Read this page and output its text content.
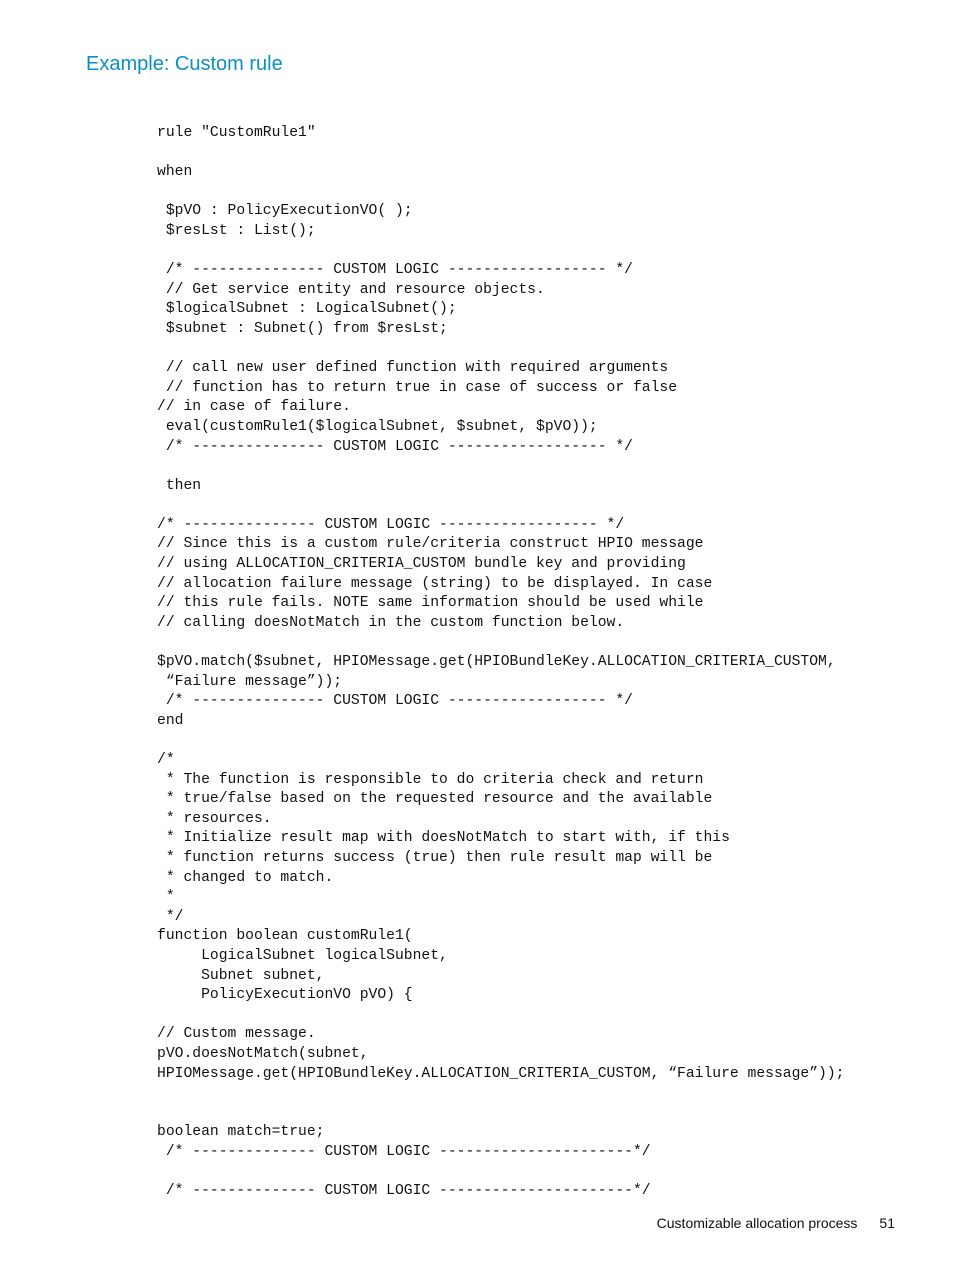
Example: Custom rule
rule "CustomRule1"

when

$pVO : PolicyExecutionVO( );
$resLst : List();

/* --------------- CUSTOM LOGIC ------------------ */
// Get service entity and resource objects.
$logicalSubnet : LogicalSubnet();
$subnet : Subnet() from $resLst;

// call new user defined function with required arguments
// function has to return true in case of success or false
// in case of failure.
eval(customRule1($logicalSubnet, $subnet, $pVO));
/* --------------- CUSTOM LOGIC ------------------ */

then

/* --------------- CUSTOM LOGIC ------------------ */
// Since this is a custom rule/criteria construct HPIO message
// using ALLOCATION_CRITERIA_CUSTOM bundle key and providing
// allocation failure message (string) to be displayed. In case
// this rule fails. NOTE same information should be used while
// calling doesNotMatch in the custom function below.

$pVO.match($subnet, HPIOMessage.get(HPIOBundleKey.ALLOCATION_CRITERIA_CUSTOM,
“Failure message”));
/* --------------- CUSTOM LOGIC ------------------ */
end

/*
* The function is responsible to do criteria check and return
* true/false based on the requested resource and the available
* resources.
* Initialize result map with doesNotMatch to start with, if this
* function returns success (true) then rule result map will be
* changed to match.
*
*/
function boolean customRule1(
LogicalSubnet logicalSubnet,
Subnet subnet,
PolicyExecutionVO pVO) {

// Custom message.
pVO.doesNotMatch(subnet,
HPIOMessage.get(HPIOBundleKey.ALLOCATION_CRITERIA_CUSTOM, “Failure message”));

boolean match=true;
/* -------------- CUSTOM LOGIC ----------------------*/

/* -------------- CUSTOM LOGIC ----------------------*/
Customizable allocation process 51
